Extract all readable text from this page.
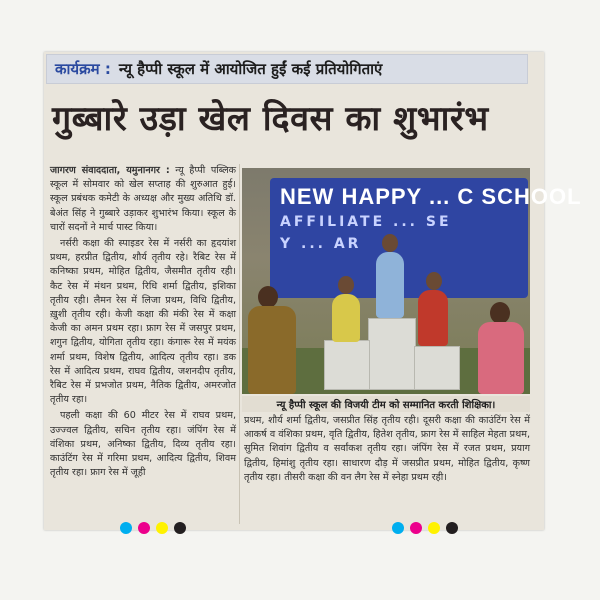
कार्यक्रम : न्यू हैप्पी स्कूल में आयोजित हुईं कई प्रतियोगिताएं
गुब्बारे उड़ा खेल दिवस का शुभारंभ

जागरण संवाददाता, यमुनानगर : न्यू हैप्पी पब्लिक स्कूल में सोमवार को खेल सप्ताह की शुरुआत हुई। स्कूल प्रबंधक कमेटी के अध्यक्ष और मुख्य अतिथि डॉ. बेअंत सिंह ने गुब्बारे उड़ाकर शुभारंभ किया। स्कूल के चारों सदनों ने मार्च पास्ट किया।

नर्सरी कक्षा की स्पाइडर रेस में नर्सरी का हृदयांश प्रथम, हरप्रीत द्वितीय, शौर्य तृतीय रहे। रैबिट रेस में कनिष्का प्रथम, मोहित द्वितीय, जैसमीत तृतीय रही। कैट रेस में मंथन प्रथम, रिधि शर्मा द्वितीय, इशिका तृतीय रही। लैमन रेस में लिजा प्रथम, विधि द्वितीय, ख़ुशी तृतीय रही। केजी कक्षा की मंकी रेस में कक्षा केजी का अमन प्रथम रहा। फ्राग रेस में जसपुर प्रथम, शगुन द्वितीय, योगिता तृतीय रहा। कंगारू रेस में मयंक शर्मा प्रथम, विशेष द्वितीय, आदित्य तृतीय रहा। डक रेस में आदित्य प्रथम, राघव द्वितीय, जशनदीप तृतीय, रैबिट रेस में प्रभजोत प्रथम, नैतिक द्वितीय, अमरजोत तृतीय रहा।

पहली कक्षा की 60 मीटर रेस में राघव प्रथम, उज्ज्वल द्वितीय, सचिन तृतीय रहा। जंपिंग रेस में वंशिका प्रथम, अनिष्का द्वितीय, दिव्य तृतीय रहा। काउंटिंग रेस में गरिमा प्रथम, आदित्य द्वितीय, शिवम तृतीय रहा। फ्राग रेस में जूही

NEW HAPPY ... C SCHOOL
AFFILIATE ... SE
Y ... AR
न्यू हैप्पी स्कूल की विजयी टीम को सम्मानित करती शिक्षिका।

प्रथम, शौर्य शर्मा द्वितीय, जसप्रीत सिंह तृतीय रही। दूसरी कक्षा की काउंटिंग रेस में आकर्ष व वंशिका प्रथम, वृति द्वितीय, हितेश तृतीय, फ्राग रेस में साहिल मेहता प्रथम, सुमित शिवांग द्वितीय व सर्वांकश तृतीय रहा। जंपिंग रेस में रजत प्रथम, प्रयाग द्वितीय, हिमांशु तृतीय रहा। साधारण दौड़ में जसप्रीत प्रथम, मोहित द्वितीय, कृष्ण तृतीय रहा। तीसरी कक्षा की वन लैग रेस में स्नेहा प्रथम रही।
